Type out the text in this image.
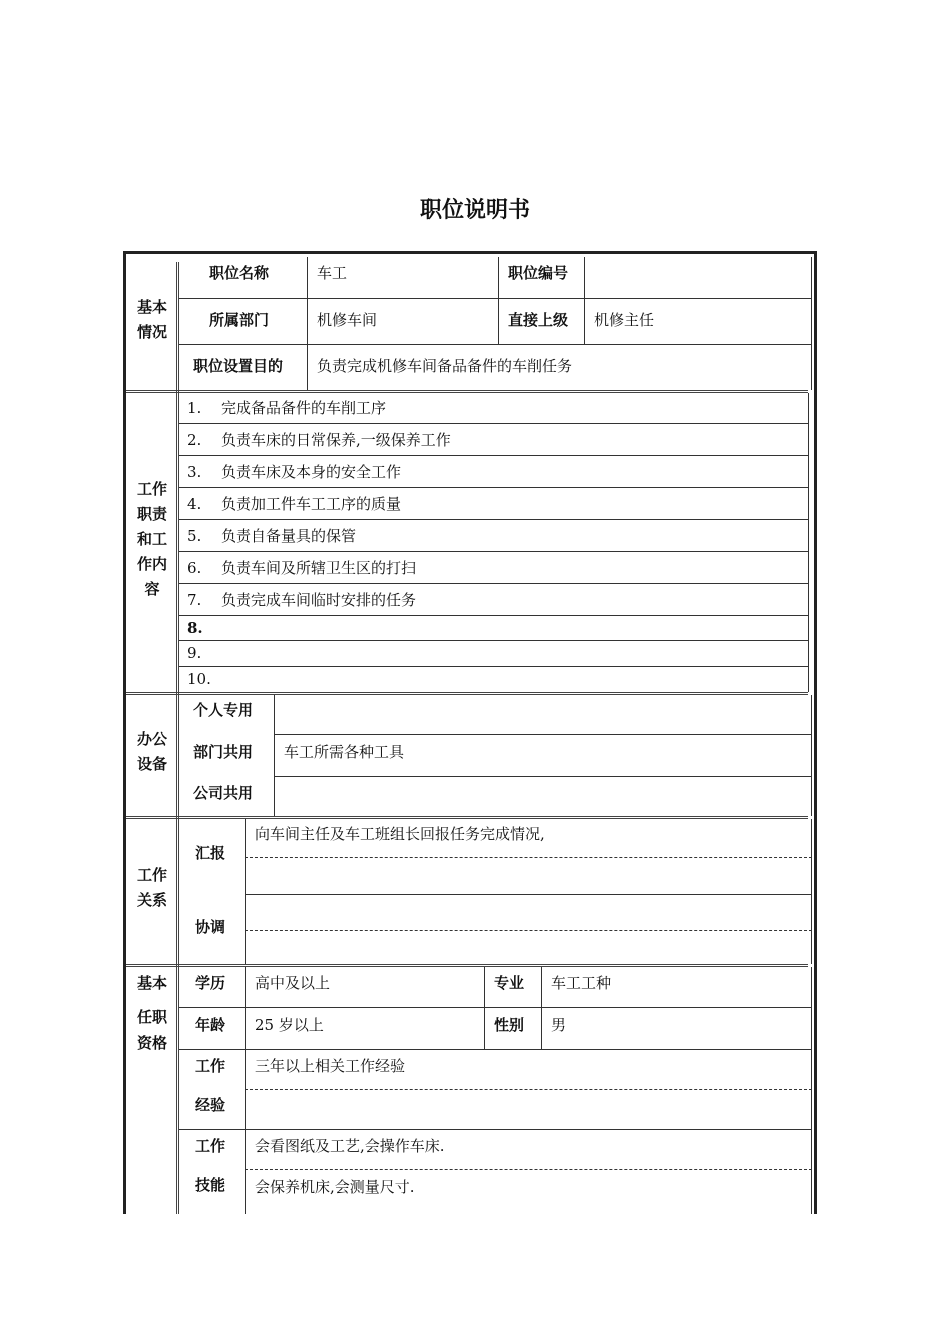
职位说明书
基本情况
职位名称	车工	职位编号
所属部门	机修车间	直接上级 机修主任
职位设置目的 负责完成机修车间备品备件的车削任务
工作职责和工作内容
1. 完成备品备件的车削工序
2. 负责车床的日常保养,一级保养工作
3. 负责车床及本身的安全工作
4. 负责加工件车工工序的质量
5. 负责自备量具的保管
6. 负责车间及所辖卫生区的打扫
7. 负责完成车间临时安排的任务
8.
9.
10.
办公设备
个人专用
部门共用 车工所需各种工具
公司共用
工作关系
汇报
向车间主任及车工班组长回报任务完成情况,
协调
基本
任职
资格
学历 高中及以上	专业 车工工种
年龄 25 岁以上	性别 男
工作
经验
三年以上相关工作经验
工作
技能
会看图纸及工艺,会操作车床.
会保养机床,会测量尺寸.
